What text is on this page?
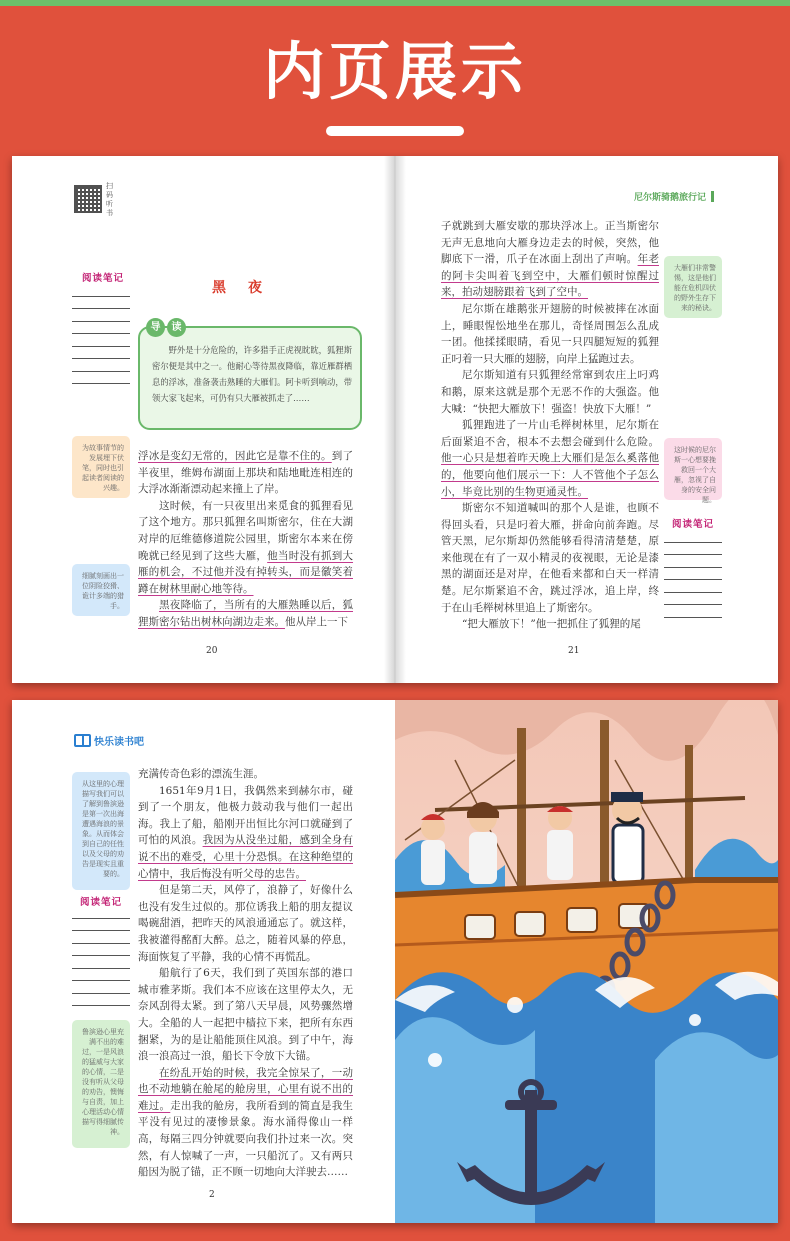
内页展示
扫码听书
阅读笔记
黑　夜
野外是十分危险的，许多猎手正虎视眈眈，狐狸斯密尔便是其中之一。他耐心等待黑夜降临，靠近雁群栖息的浮冰，准备袭击熟睡的大雁们。阿卡听到响动，带领大家飞起来，可仍有只大雁被抓走了……
导	读
为故事情节的发展埋下伏笔，同时也引起读者阅读的兴趣。
细腻刻画出一位阴险狡猾、诡计多端的猎手。

浮冰是变幻无常的，因此它是靠不住的。到了半夜里，维姆布湖面上那块和陆地毗连相连的大浮冰渐渐漂动起来撞上了岸。

这时候，有一只夜里出来觅食的狐狸看见了这个地方。那只狐狸名叫斯密尔，住在大湖对岸的厄维德修道院公园里，斯密尔本来在傍晚就已经见到了这些大雁，他当时没有抓到大雁的机会，不过他并没有掉转头，而是徽笑着蹲在树林里耐心地等待。

黑夜降临了，当所有的大雁熟睡以后，狐狸斯密尔钻出树林向湖边走来。他从岸上一下

20
尼尔斯骑鹅旅行记

子就跳到大雁安歇的那块浮冰上。正当斯密尔无声无息地向大雁身边走去的时候，突然，他脚底下一滑，爪子在冰面上刮出了声响。年老的阿卡尖叫着飞到空中，大雁们顿时惊醒过来，拍动翅膀跟着飞到了空中。

尼尔斯在雄鹅张开翅膀的时候被摔在冰面上，睡眼惺忪地坐在那儿，奇怪周围怎么乱成一团。他揉揉眼睛，看见一只四腿短短的狐狸正叼着一只大雁的翅膀，向岸上猛跑过去。

尼尔斯知道有只狐狸经常窜到农庄上叼鸡和鹅，原来这就是那个无恶不作的大强盗。他大喊：“快把大雁放下！强盗！快放下大雁！”

狐狸跑进了一片山毛榉树林里，尼尔斯在后面紧追不舍，根本不去想会碰到什么危险。他一心只是想着昨天晚上大雁们是怎么奚落他的，他要向他们展示一下：人不管他个子怎么小，毕竟比别的生物更通灵性。

斯密尔不知道喊叫的那个人是谁，也顾不得回头看，只是叼着大雁，拼命向前奔跑。尽管天黑，尼尔斯却仍然能够看得清清楚楚，原来他现在有了一双小精灵的夜视眼，无论是漆黑的湖面还是对岸，在他看来都和白天一样清楚。尼尔斯紧追不舍，跳过浮冰，追上岸，终于在山毛榉树林里追上了斯密尔。

“把大雁放下！”他一把抓住了狐狸的尾

大雁们非常警惕，这是他们能在危机四伏的野外生存下来的秘诀。
这时候的尼尔斯一心想要挽救回一个大雁，忽视了自身的安全问题。
阅读笔记
21
快乐读书吧
从这里的心理描写我们可以了解到鲁滨逊是第一次出海遭遇海浪的景象。从而体会到自己的任性以及父母的劝告是现实且重要的。
阅读笔记
鲁滨逊心里充满不出的难过，一是风浪的猛威与大家的心情，二是没有听从父母的劝告，懊悔与自责，加上心理活动心情描写得细腻传神。

充满传奇色彩的漂流生涯。

1651年9月1日，我偶然来到赫尔市，碰到了一个朋友，他极力鼓动我与他们一起出海。我上了船，船刚开出恒比尔河口就碰到了可怕的风浪。我因为从没坐过船，感到全身有说不出的难受，心里十分恐惧。在这种绝望的心情中，我后悔没有听父母的忠告。

但是第二天，风停了，浪静了，好像什么也没有发生过似的。那位诱我上船的朋友提议喝碗甜酒，把昨天的风浪通通忘了。就这样，我被灌得酩酊大醉。总之，随着风暴的停息，海面恢复了平静，我的心情不再慌乱。

船航行了6天，我们到了英国东部的港口城市雅茅斯。我们本不应该在这里停太久，无奈风刮得太紧。到了第八天早晨，风势骤然增大。全船的人一起把中樯拉下来，把所有东西捆紧，为的是让船能顶住风浪。到了中午，海浪一浪高过一浪，船长下令放下大锚。

在纷乱开始的时候，我完全惊呆了，一动也不动地躺在舱尾的舱房里，心里有说不出的难过。走出我的舱房，我所看到的简直是我生平没有见过的凄惨景象。海水涌得像山一样高，每隔三四分钟就要向我们扑过来一次。突然，有人惊喊了一声，一只船沉了。又有两只船因为脱了锚，正不顾一切地向大洋驶去……

2
